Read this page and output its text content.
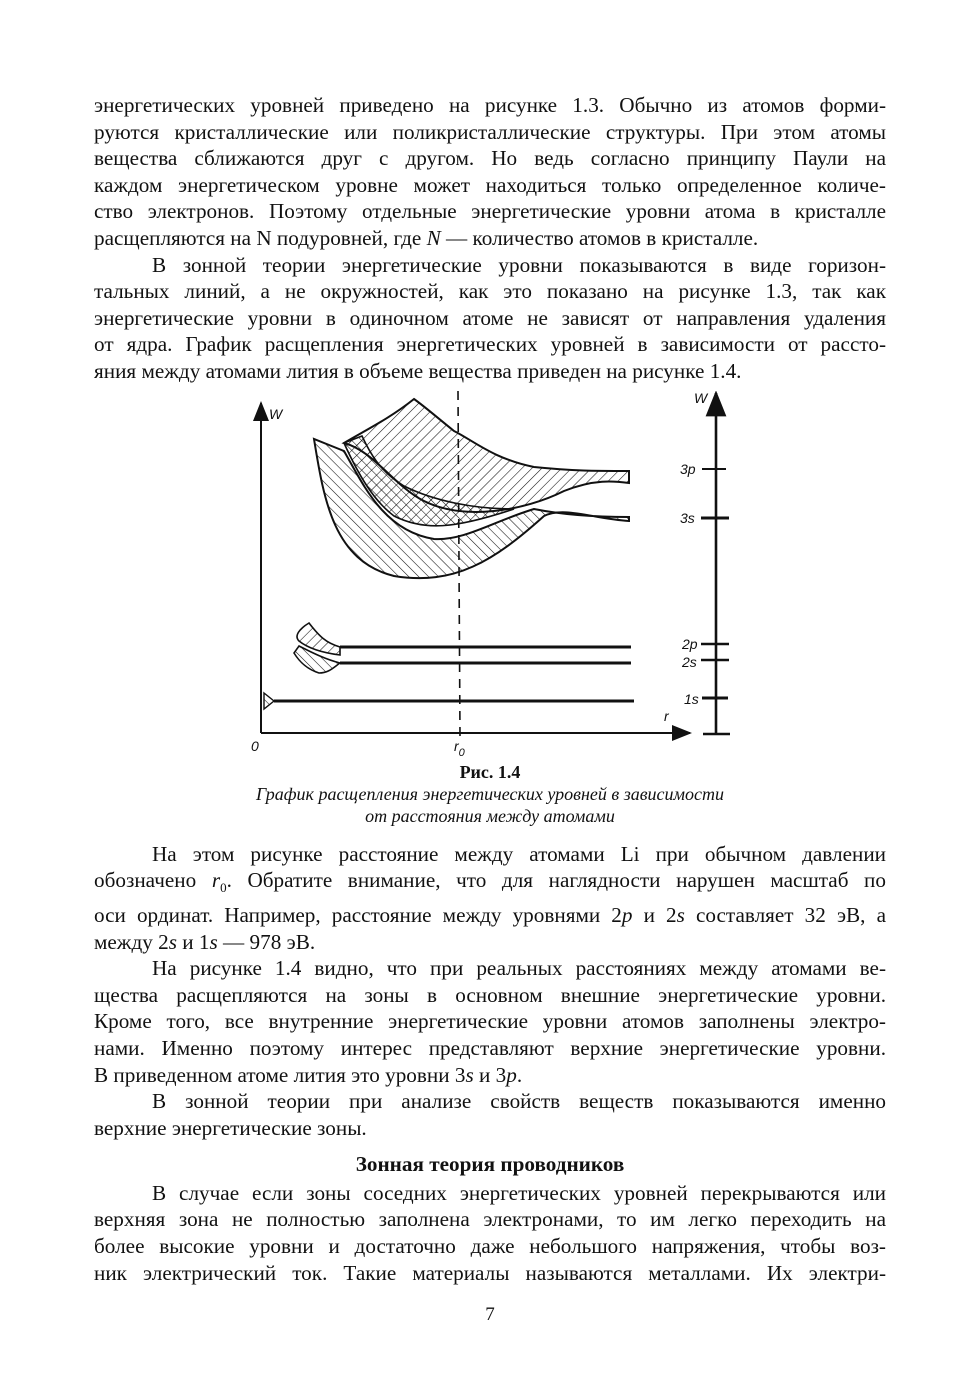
энергетических уровней приведено на рисунке 1.3. Обычно из атомов форми-
руются кристаллические или поликристаллические структуры. При этом атомы
вещества сближаются друг с другом. Но ведь согласно принципу Паули на
каждом энергетическом уровне может находиться только определенное количе-
ство электронов. Поэтому отдельные энергетические уровни атома в кристалле
расщепляются на N подуровней, где N — количество атомов в кристалле.

В зонной теории энергетические уровни показываются в виде горизон-
тальных линий, а не окружностей, как это показано на рисунке 1.3, так как
энергетические уровни в одиночном атоме не зависят от направления удаления
от ядра. График расщепления энергетических уровней в зависимости от рассто-
яния между атомами лития в объеме вещества приведен на рисунке 1.4.

W
r
0	$r_0$
W
3p
3s
2p
2s
1s
Рис. 1.4
График расщепления энергетических уровней в зависимости
от расстояния между атомами

На этом рисунке расстояние между атомами Li при обычном давлении
обозначено $r_0$. Обратите внимание, что для наглядности нарушен масштаб по
оси ординат. Например, расстояние между уровнями 2p и 2s составляет 32 эВ, а
между 2s и 1s — 978 эВ.

На рисунке 1.4 видно, что при реальных расстояниях между атомами ве-
щества расщепляются на зоны в основном внешние энергетические уровни.
Кроме того, все внутренние энергетические уровни атомов заполнены электро-
нами. Именно поэтому интерес представляют верхние энергетические уровни.
В приведенном атоме лития это уровни 3s и 3p.

В зонной теории при анализе свойств веществ показываются именно
верхние энергетические зоны.

Зонная теория проводников

В случае если зоны соседних энергетических уровней перекрываются или
верхняя зона не полностью заполнена электронами, то им легко переходить на
более высокие уровни и достаточно даже небольшого напряжения, чтобы воз-
ник электрический ток. Такие материалы называются металлами. Их электри-

7
